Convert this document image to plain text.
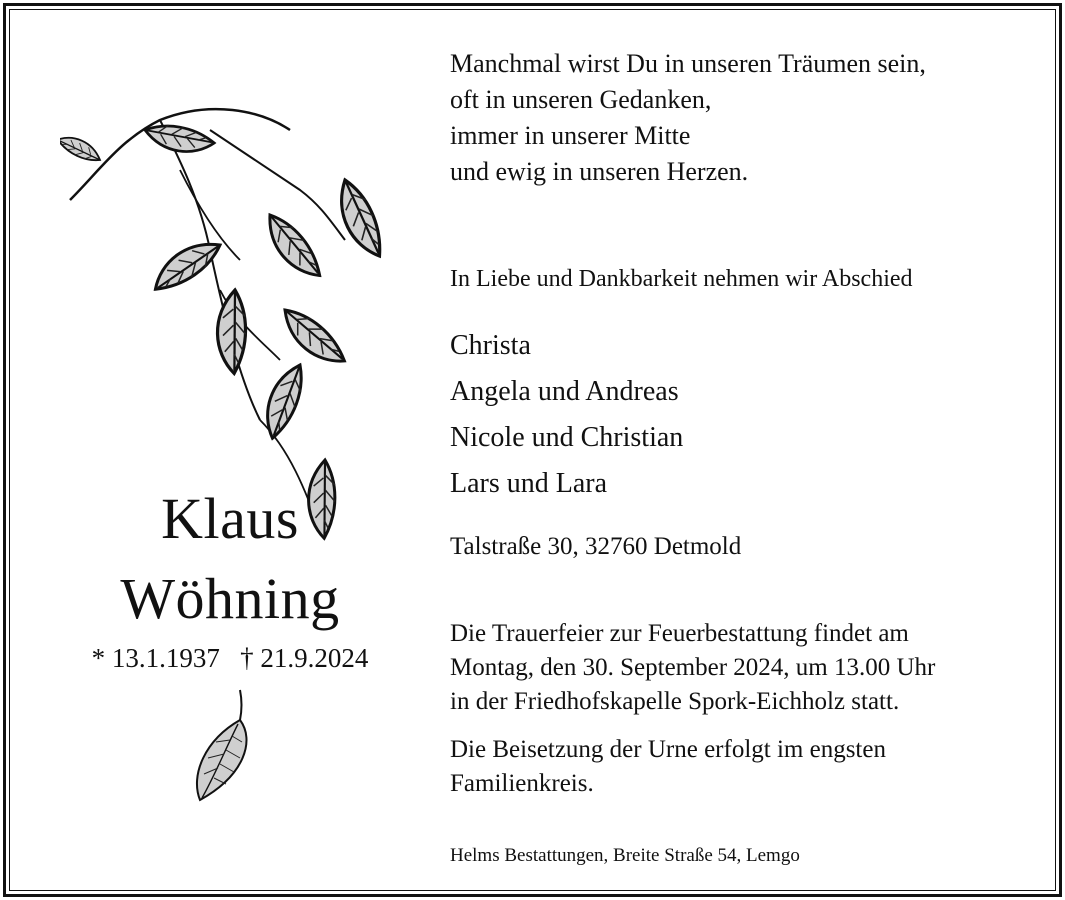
Klaus
Wöhning
* 13.1.1937   † 21.9.2024
Manchmal wirst Du in unseren Träumen sein,
oft in unseren Gedanken,
immer in unserer Mitte
und ewig in unseren Herzen.
In Liebe und Dankbarkeit nehmen wir Abschied
Christa
Angela und Andreas
Nicole und Christian
Lars und Lara
Talstraße 30, 32760 Detmold
Die Trauerfeier zur Feuerbestattung findet am
Montag, den 30. September 2024, um 13.00 Uhr
in der Friedhofskapelle Spork-Eichholz statt.
Die Beisetzung der Urne erfolgt im engsten
Familienkreis.
Helms Bestattungen, Breite Straße 54, Lemgo
